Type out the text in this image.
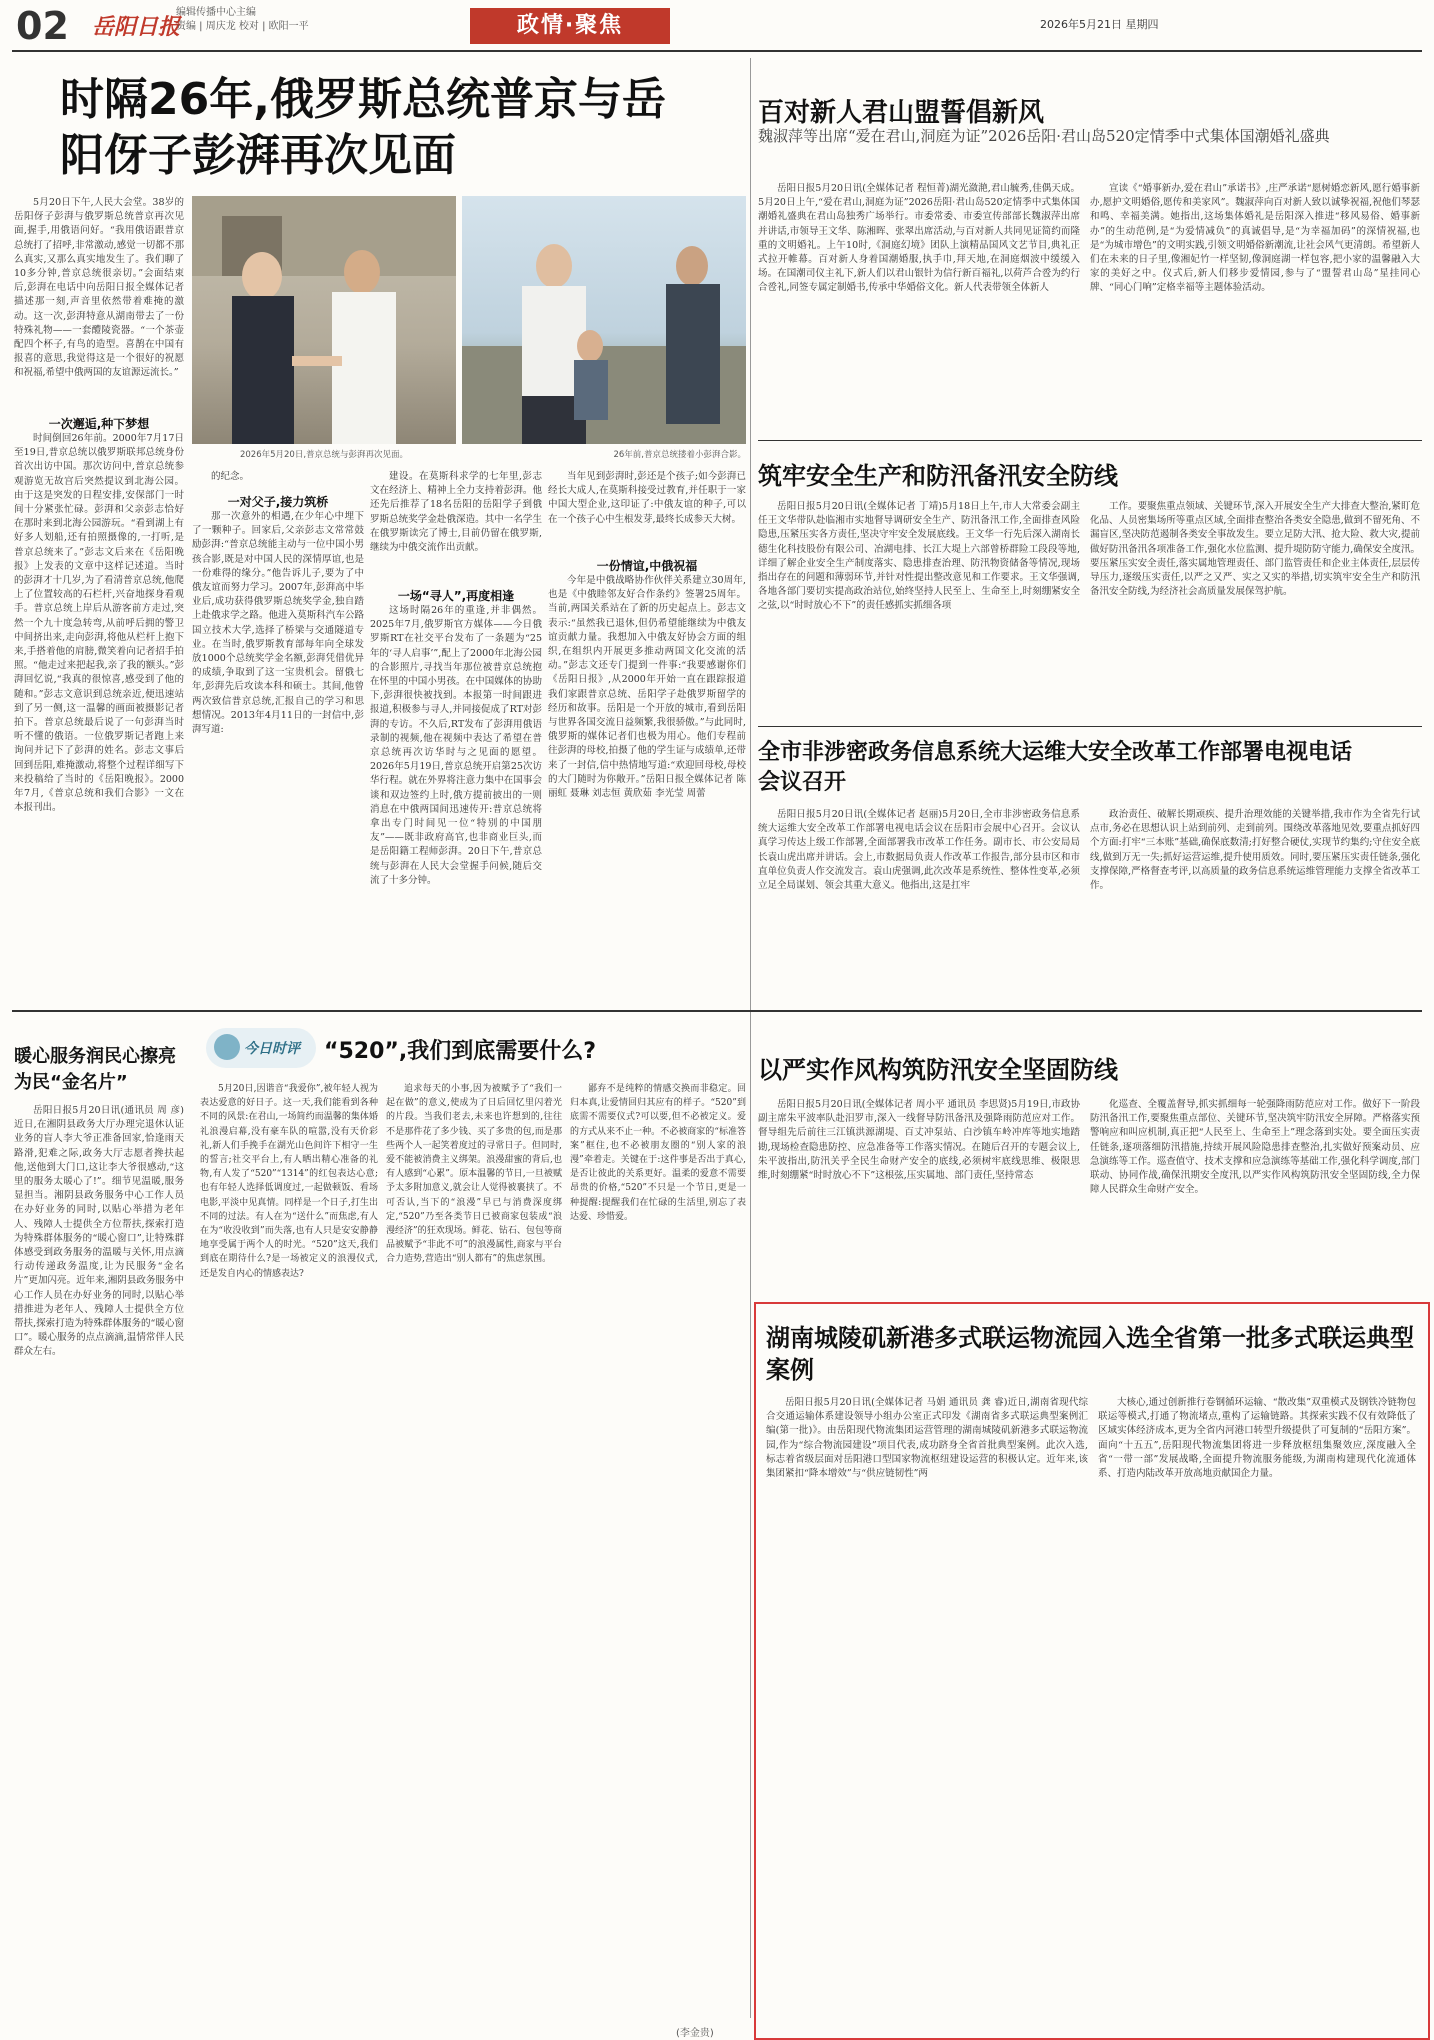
02 岳阳日报
编辑传播中心主编
责编 | 周庆龙 校对 | 欧阳一平	政情·聚焦	2026年5月21日 星期四
时隔26年,俄罗斯总统普京与岳阳伢子彭湃再次见面

5月20日下午,人民大会堂。38岁的岳阳伢子彭湃与俄罗斯总统普京再次见面,握手,用俄语问好。“我用俄语跟普京总统打了招呼,非常激动,感觉一切都不那么真实,又那么真实地发生了。我们聊了10多分钟,普京总统很亲切。”会面结束后,彭湃在电话中向岳阳日报全媒体记者描述那一刻,声音里依然带着难掩的激动。这一次,彭湃特意从湖南带去了一份特殊礼物——一套醴陵瓷器。“一个茶壶配四个杯子,有鸟的造型。喜鹊在中国有报喜的意思,我觉得这是一个很好的祝愿和祝福,希望中俄两国的友谊源远流长。”

一次邂逅,种下梦想

时间倒回26年前。2000年7月17日至19日,普京总统以俄罗斯联邦总统身份首次出访中国。那次访问中,普京总统参观游览无故宫后突然提议到北海公园。由于这是突发的日程安排,安保部门一时间十分紧张忙碌。彭湃和父亲彭志恰好在那时来到北海公园游玩。“看到湖上有好多人划船,还有拍照摄像的,一打听,是普京总统来了。”彭志文后来在《岳阳晚报》上发表的文章中这样记述道。当时的彭湃才十几岁,为了看清普京总统,他爬上了位置较高的石栏杆,兴奋地探身看观手。普京总统上岸后从游客前方走过,突然一个九十度急转弯,从前呼后拥的警卫中间挤出来,走向彭湃,将他从栏杆上抱下来,手搭着他的肩膀,微笑着向记者招手拍照。“他走过来把起我,亲了我的额头。”彭湃回忆说,“我真的很惊喜,感受到了他的随和。”彭志文意识到总统亲近,便迅速站到了另一侧,这一温馨的画面被摄影记者拍下。普京总统最后说了一句彭湃当时听不懂的俄语。一位俄罗斯记者跑上来询问并记下了彭湃的姓名。彭志文事后回到岳阳,难掩激动,将整个过程详细写下来投稿给了当时的《岳阳晚报》。2000年7月,《普京总统和我们合影》一文在本报刊出。

2026年5月20日,普京总统与彭湃再次见面。	26年前,普京总统搂着小彭湃合影。

的纪念。

一对父子,接力筑桥

那一次意外的相遇,在少年心中埋下了一颗种子。回家后,父亲彭志文常常鼓励彭湃:“普京总统能主动与一位中国小男孩合影,既是对中国人民的深情厚谊,也是一份难得的缘分。”他告诉儿子,要为了中俄友谊而努力学习。2007年,彭湃高中毕业后,成功获得俄罗斯总统奖学金,独自踏上赴俄求学之路。他进入莫斯科汽车公路国立技术大学,选择了桥梁与交通隧道专业。在当时,俄罗斯教育部每年向全球发放1000个总统奖学金名额,彭湃凭借优异的成绩,争取到了这一宝贵机会。留俄七年,彭湃先后攻读本科和硕士。其间,他曾两次致信普京总统,汇报自己的学习和思想情况。2013年4月11日的一封信中,彭湃写道:

建设。在莫斯科求学的七年里,彭志文在经济上、精神上全力支持着彭湃。他还先后推荐了18名岳阳的岳阳学子到俄罗斯总统奖学金赴俄深造。其中一名学生在俄罗斯读完了博士,目前仍留在俄罗斯,继续为中俄交流作出贡献。

一场“寻人”,再度相逢

这场时隔26年的重逢,并非偶然。2025年7月,俄罗斯官方媒体——今日俄罗斯RT在社交平台发布了一条题为“25年的‘寻人启事’”,配上了2000年北海公园的合影照片,寻找当年那位被普京总统抱在怀里的中国小男孩。在中国媒体的协助下,彭湃很快被找到。本报第一时间跟进报道,积极参与寻人,并同接促成了RT对彭湃的专访。不久后,RT发布了彭湃用俄语录制的视频,他在视频中表达了希望在普京总统再次访华时与之见面的愿望。2026年5月19日,普京总统开启第25次访华行程。就在外界将注意力集中在国事会谈和双边签约上时,俄方提前披出的一则消息在中俄两国间迅速传开:普京总统将拿出专门时间见一位“特别的中国朋友”——既非政府高官,也非商业巨头,而是岳阳籍工程师彭湃。20日下午,普京总统与彭湃在人民大会堂握手问候,随后交流了十多分钟。

当年见到彭湃时,彭还是个孩子;如今彭湃已经长大成人,在莫斯科接受过教育,并任职于一家中国大型企业,这印证了:中俄友谊的种子,可以在一个孩子心中生根发芽,最终长成参天大树。

一份情谊,中俄祝福

今年是中俄战略协作伙伴关系建立30周年,也是《中俄睦邻友好合作条约》签署25周年。当前,两国关系站在了新的历史起点上。彭志文表示:“虽然我已退休,但仍希望能继续为中俄友谊贡献力量。我想加入中俄友好协会方面的组织,在组织内开展更多推动两国文化交流的活动。”彭志文还专门提到一件事:“我要感谢你们《岳阳日报》,从2000年开始一直在跟踪报道我们家跟普京总统、岳阳学子赴俄罗斯留学的经历和故事。岳阳是一个开放的城市,看到岳阳与世界各国交流日益频繁,我很骄傲。”与此同时,俄罗斯的媒体记者们也极为用心。他们专程前往彭湃的母校,拍摄了他的学生证与成绩单,还带来了一封信,信中热情地写道:“欢迎回母校,母校的大门随时为你敞开。”岳阳日报全媒体记者 陈丽虹 聂琳 刘志恒 黄欣茹 李光莹 周蕾

百对新人君山盟誓倡新风
魏淑萍等出席“爱在君山,洞庭为证”2026岳阳·君山岛520定情季中式集体国潮婚礼盛典

岳阳日报5月20日讯(全媒体记者 程恒菁)湖光潋滟,君山毓秀,佳偶天成。5月20日上午,“爱在君山,洞庭为证”2026岳阳·君山岛520定情季中式集体国潮婚礼盛典在君山岛独秀广场举行。市委常委、市委宣传部部长魏淑萍出席并讲话,市领导王文华、陈湘晖、张翠出席活动,与百对新人共同见证简约而隆重的文明婚礼。上午10时,《洞庭幻境》团队上演精品国风文艺节目,典礼正式拉开帷幕。百对新人身着国潮婚服,执手巾,拜天地,在洞庭烟波中缓缓入场。在国潮司仪主礼下,新人们以君山银针为信行新百福礼,以荷芦合卺为约行合卺礼,同签专属定制婚书,传承中华婚俗文化。新人代表带领全体新人

宣读《“婚事新办,爱在君山”承诺书》,庄严承诺“愿树婚恋新风,愿行婚事新办,愿护文明婚俗,愿传和美家风”。魏淑萍向百对新人致以诚挚祝福,祝他们琴瑟和鸣、幸福美满。她指出,这场集体婚礼是岳阳深入推进“移风易俗、婚事新办”的生动范例,是“为爱情减负”的真诚倡导,是“为幸福加码”的深情祝福,也是“为城市增色”的文明实践,引领文明婚俗新潮流,让社会风气更清朗。希望新人们在未来的日子里,像湘妃竹一样坚韧,像洞庭湖一样包容,把小家的温馨融入大家的美好之中。仪式后,新人们移步爱情园,参与了“盟誓君山岛”星挂同心牌、“同心门响”定格幸福等主题体验活动。

筑牢安全生产和防汛备汛安全防线

岳阳日报5月20日讯(全媒体记者 丁靖)5月18日上午,市人大常委会副主任王文华带队赴临湘市实地督导调研安全生产、防汛备汛工作,全面排查风险隐患,压紧压实各方责任,坚决守牢安全发展底线。王文华一行先后深入湖南长德生化科技股份有限公司、冶湖电排、长江大堤上六部曾桥群险工段段等地,详细了解企业安全生产制度落实、隐患排查治理、防汛物资储备等情况,现场指出存在的问题和薄弱环节,并针对性提出整改意见和工作要求。王文华强调,各地各部门要切实提高政治站位,始终坚持人民至上、生命至上,时刻绷紧安全之弦,以“时时放心不下”的责任感抓实抓细各项

工作。要聚焦重点领域、关键环节,深入开展安全生产大排查大整治,紧盯危化品、人员密集场所等重点区域,全面排查整治各类安全隐患,做到不留死角、不漏盲区,坚决防范遏制各类安全事故发生。要立足防大汛、抢大险、救大灾,提前做好防汛备汛各项准备工作,强化水位监测、提升堤防防守能力,确保安全度汛。要压紧压实安全责任,落实属地管理责任、部门监管责任和企业主体责任,层层传导压力,逐级压实责任,以严之又严、实之又实的举措,切实筑牢安全生产和防汛备汛安全防线,为经济社会高质量发展保驾护航。

全市非涉密政务信息系统大运维大安全改革工作部署电视电话会议召开

岳阳日报5月20日讯(全媒体记者 赵丽)5月20日,全市非涉密政务信息系统大运维大安全改革工作部署电视电话会议在岳阳市会展中心召开。会议认真学习传达上级工作部署,全面部署我市改革工作任务。副市长、市公安局局长袁山虎出席并讲话。会上,市数据局负责人作改革工作报告,部分县市区和市直单位负责人作交流发言。袁山虎强调,此次改革是系统性、整体性变革,必须立足全局谋划、领会其重大意义。他指出,这是扛牢

政治责任、破解长期顽疾、提升治理效能的关键举措,我市作为全省先行试点市,务必在思想认识上站到前列、走到前列。围绕改革落地见效,要重点抓好四个方面:打牢“三本账”基础,确保底数清;打好整合硬仗,实现节约集约;守住安全底线,做到万无一失;抓好运营运维,提升使用质效。同时,要压紧压实责任链条,强化支撑保障,严格督查考评,以高质量的政务信息系统运维管理能力支撑全省改革工作。

暖心服务润民心擦亮为民“金名片”

岳阳日报5月20日讯(通讯员 周 彦)近日,在湘阴县政务大厅办理完退休认证业务的盲人李大爷正准备回家,恰逢雨天路滑,犯难之际,政务大厅志愿者搀扶起他,送他到大门口,这让李大爷很感动,“这里的服务太暖心了!”。细节见温暖,服务显担当。湘阴县政务服务中心工作人员在办好业务的同时,以贴心举措为老年人、残障人士提供全方位帮扶,探索打造为特殊群体服务的“暖心窗口”,让特殊群体感受到政务服务的温暖与关怀,用点滴行动传递政务温度,让为民服务“金名片”更加闪亮。近年来,湘阴县政务服务中心工作人员在办好业务的同时,以贴心举措推进为老年人、残障人士提供全方位帮扶,探索打造为特殊群体服务的“暖心窗口”。暖心服务的点点滴滴,温情常伴人民群众左右。

今日时评 “520”,我们到底需要什么?

5月20日,因谐音“我爱你”,被年轻人视为表达爱意的好日子。这一天,我们能看到各种不同的风景:在君山,一场简约而温馨的集体婚礼浪漫启幕,没有豪车队的喧嚣,没有天价彩礼,新人们手挽手在湖光山色间许下相守一生的誓言;社交平台上,有人晒出精心准备的礼物,有人发了“520”“1314”的红包表达心意;也有年轻人选择低调度过,一起做顿饭、看场电影,平淡中见真情。同样是一个日子,打生出不同的过法。有人在为“送什么”而焦虑,有人在为“收没收到”而失落,也有人只是安安静静地享受属于两个人的时光。“520”这天,我们到底在期待什么?是一场被定义的浪漫仪式,还是发自内心的情感表达?

追求每天的小事,因为被赋予了“我们一起在做”的意义,使成为了日后回忆里闪着光的片段。当我们老去,未来也许想到的,往往不是那件花了多少钱、买了多贵的包,而是那些两个人一起笑着度过的寻常日子。但同时,爱不能被消费主义绑架。浪漫甜蜜的背后,也有人感到“心累”。原本温馨的节日,一旦被赋予太多附加意义,就会让人觉得被裹挟了。不可否认,当下的“浪漫”早已与消费深度绑定,“520”乃至各类节日已被商家包装成“浪漫经济”的狂欢现场。鲜花、钻石、包包等商品被赋予“非此不可”的浪漫属性,商家与平台合力造势,营造出“别人都有”的焦虑氛围。

鄙弃不是纯粹的情感交换而非稳定。回归本真,让爱情回归其应有的样子。“520”到底需不需要仪式?可以要,但不必被定义。爱的方式从来不止一种。不必被商家的“标准答案”框住,也不必被朋友圈的“别人家的浪漫”牵着走。关键在于:这件事是否出于真心,是否让彼此的关系更好。温柔的爱意不需要昂贵的价格,“520”不只是一个节日,更是一种提醒:提醒我们在忙碌的生活里,别忘了表达爱、珍惜爱。

(李金贵)
以严实作风构筑防汛安全坚固防线

岳阳日报5月20日讯(全媒体记者 周小平 通讯员 李思贤)5月19日,市政协副主席朱平波率队赴汨罗市,深入一线督导防汛备汛及强降雨防范应对工作。督导组先后前往三江镇洪源湖堤、百丈冲泵站、白沙镇车岭冲库等地实地踏勘,现场检查隐患防控、应急准备等工作落实情况。在随后召开的专题会议上,朱平波指出,防汛关乎全民生命财产安全的底线,必须树牢底线思维、极限思维,时刻绷紧“时时放心不下”这根弦,压实属地、部门责任,坚持常态

化巡查、全覆盖督导,抓实抓细每一轮强降雨防范应对工作。做好下一阶段防汛备汛工作,要聚焦重点部位、关键环节,坚决筑牢防汛安全屏障。严格落实预警响应和叫应机制,真正把“人民至上、生命至上”理念落到实处。要全面压实责任链条,逐项落细防汛措施,持续开展风险隐患排查整治,扎实做好预案动员、应急演练等工作。巡查值守、技术支撑和应急演练等基础工作,强化科学调度,部门联动、协同作战,确保汛期安全度汛,以严实作风构筑防汛安全坚固防线,全力保障人民群众生命财产安全。

湖南城陵矶新港多式联运物流园入选全省第一批多式联运典型案例

岳阳日报5月20日讯(全媒体记者 马娟 通讯员 龚 睿)近日,湖南省现代综合交通运输体系建设领导小组办公室正式印发《湖南省多式联运典型案例汇编(第一批)》。由岳阳现代物流集团运营管理的湖南城陵矶新港多式联运物流园,作为“综合物流园建设”项目代表,成功跻身全省首批典型案例。此次入选,标志着省级层面对岳阳港口型国家物流枢纽建设运营的积极认定。近年来,该集团紧扣“降本增效”与“供应链韧性”两

大核心,通过创新推行卷钢循环运输、“散改集”双重模式及钢铁冷链物包联运等模式,打通了物流堵点,重构了运输链路。其探索实践不仅有效降低了区域实体经济成本,更为全省内河港口转型升级提供了可复制的“岳阳方案”。面向“十五五”,岳阳现代物流集团将进一步释放枢纽集聚效应,深度融入全省“一带一部”发展战略,全面提升物流服务能级,为湖南构建现代化流通体系、打造内陆改革开放高地贡献国企力量。
